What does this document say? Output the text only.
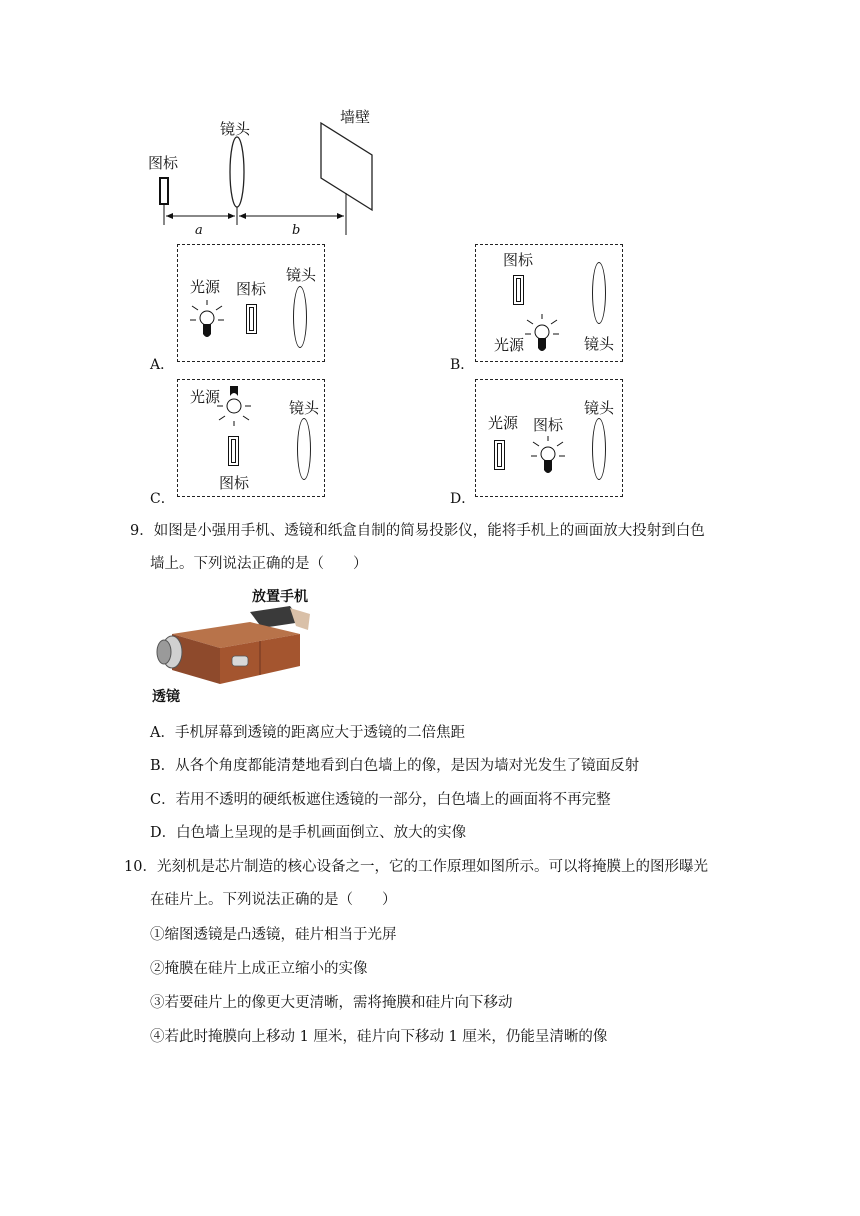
镜头
墙壁
图标
a	b
A．
光源 图标
镜头
B．
图标
光源	镜头
C．
光源
图标
镜头
D．
光源 图标
镜头
9．如图是小强用手机、透镜和纸盒自制的简易投影仪，能将手机上的画面放大投射到白色
墙上。下列说法正确的是（　　）
放置手机
透镜
A．手机屏幕到透镜的距离应大于透镜的二倍焦距
B．从各个角度都能清楚地看到白色墙上的像，是因为墙对光发生了镜面反射
C．若用不透明的硬纸板遮住透镜的一部分，白色墙上的画面将不再完整
D．白色墙上呈现的是手机画面倒立、放大的实像
10．光刻机是芯片制造的核心设备之一，它的工作原理如图所示。可以将掩膜上的图形曝光
在硅片上。下列说法正确的是（　　）
①缩图透镜是凸透镜，硅片相当于光屏
②掩膜在硅片上成正立缩小的实像
③若要硅片上的像更大更清晰，需将掩膜和硅片向下移动
④若此时掩膜向上移动 1 厘米，硅片向下移动 1 厘米，仍能呈清晰的像
